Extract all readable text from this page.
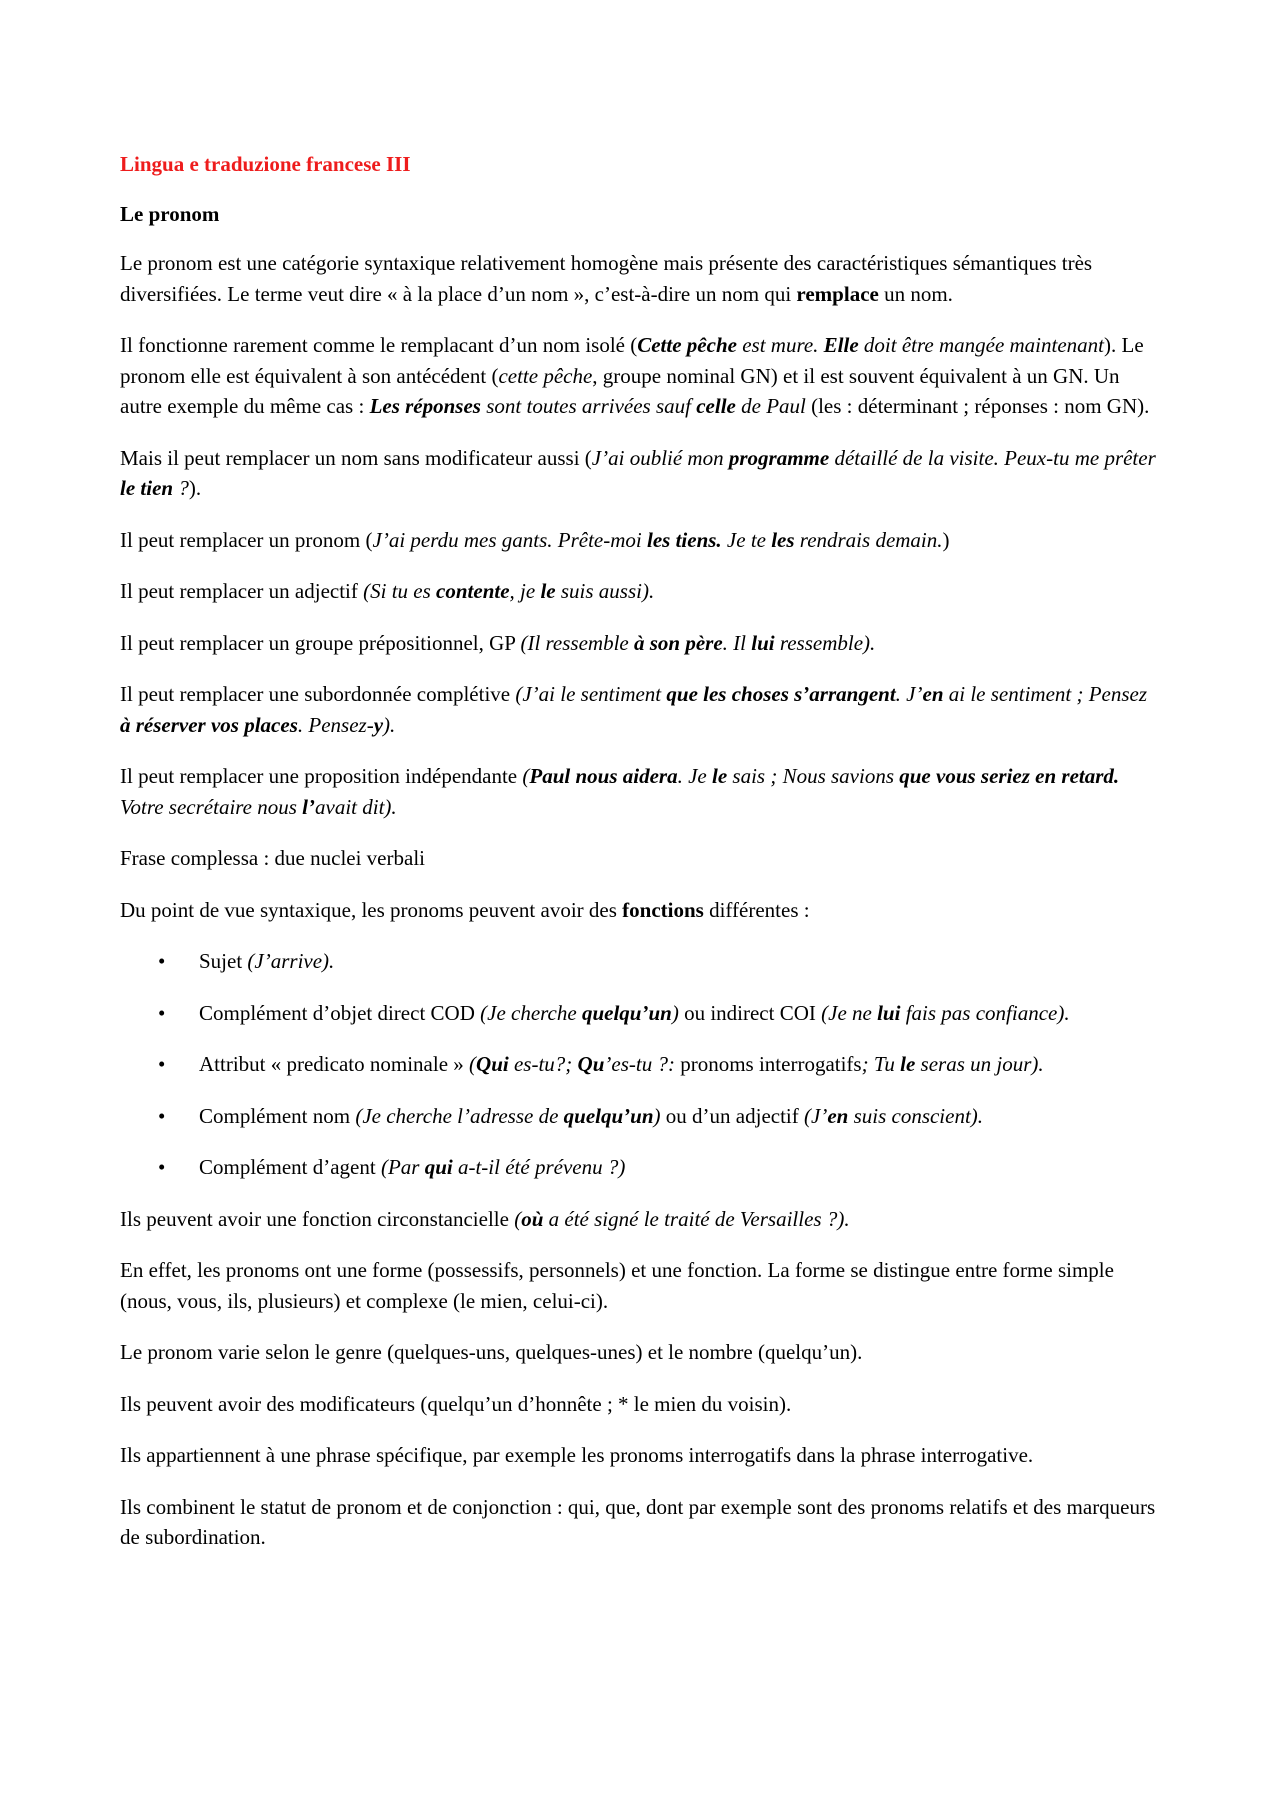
Lingua e traduzione francese III
Le pronom

Le pronom est une catégorie syntaxique relativement homogène mais présente des caractéristiques sémantiques très diversifiées. Le terme veut dire « à la place d’un nom », c’est-à-dire un nom qui remplace un nom.

Il fonctionne rarement comme le remplacant d’un nom isolé (Cette pêche est mure. Elle doit être mangée maintenant). Le pronom elle est équivalent à son antécédent (cette pêche, groupe nominal GN) et il est souvent équivalent à un GN. Un autre exemple du même cas : Les réponses sont toutes arrivées sauf celle de Paul (les : déterminant ; réponses : nom GN).

Mais il peut remplacer un nom sans modificateur aussi (J’ai oublié mon programme détaillé de la visite. Peux-tu me prêter le tien ?).

Il peut remplacer un pronom (J’ai perdu mes gants. Prête-moi les tiens. Je te les rendrais demain.)

Il peut remplacer un adjectif (Si tu es contente, je le suis aussi).

Il peut remplacer un groupe prépositionnel, GP (Il ressemble à son père. Il lui ressemble).

Il peut remplacer une subordonnée complétive (J’ai le sentiment que les choses s’arrangent. J’en ai le sentiment ; Pensez à réserver vos places. Pensez-y).

Il peut remplacer une proposition indépendante (Paul nous aidera. Je le sais ; Nous savions que vous seriez en retard. Votre secrétaire nous l’avait dit).

Frase complessa : due nuclei verbali

Du point de vue syntaxique, les pronoms peuvent avoir des fonctions différentes :

• Sujet (J’arrive).
• Complément d’objet direct COD (Je cherche quelqu’un) ou indirect COI (Je ne lui fais pas confiance).
• Attribut « predicato nominale » (Qui es-tu?; Qu’es-tu ?: pronoms interrogatifs; Tu le seras un jour).
• Complément nom (Je cherche l’adresse de quelqu’un) ou d’un adjectif (J’en suis conscient).
• Complément d’agent (Par qui a-t-il été prévenu ?)

Ils peuvent avoir une fonction circonstancielle (où a été signé le traité de Versailles ?).

En effet, les pronoms ont une forme (possessifs, personnels) et une fonction. La forme se distingue entre forme simple (nous, vous, ils, plusieurs) et complexe (le mien, celui-ci).

Le pronom varie selon le genre (quelques-uns, quelques-unes) et le nombre (quelqu’un).

Ils peuvent avoir des modificateurs (quelqu’un d’honnête ; * le mien du voisin).

Ils appartiennent à une phrase spécifique, par exemple les pronoms interrogatifs dans la phrase interrogative.

Ils combinent le statut de pronom et de conjonction : qui, que, dont par exemple sont des pronoms relatifs et des marqueurs de subordination.
